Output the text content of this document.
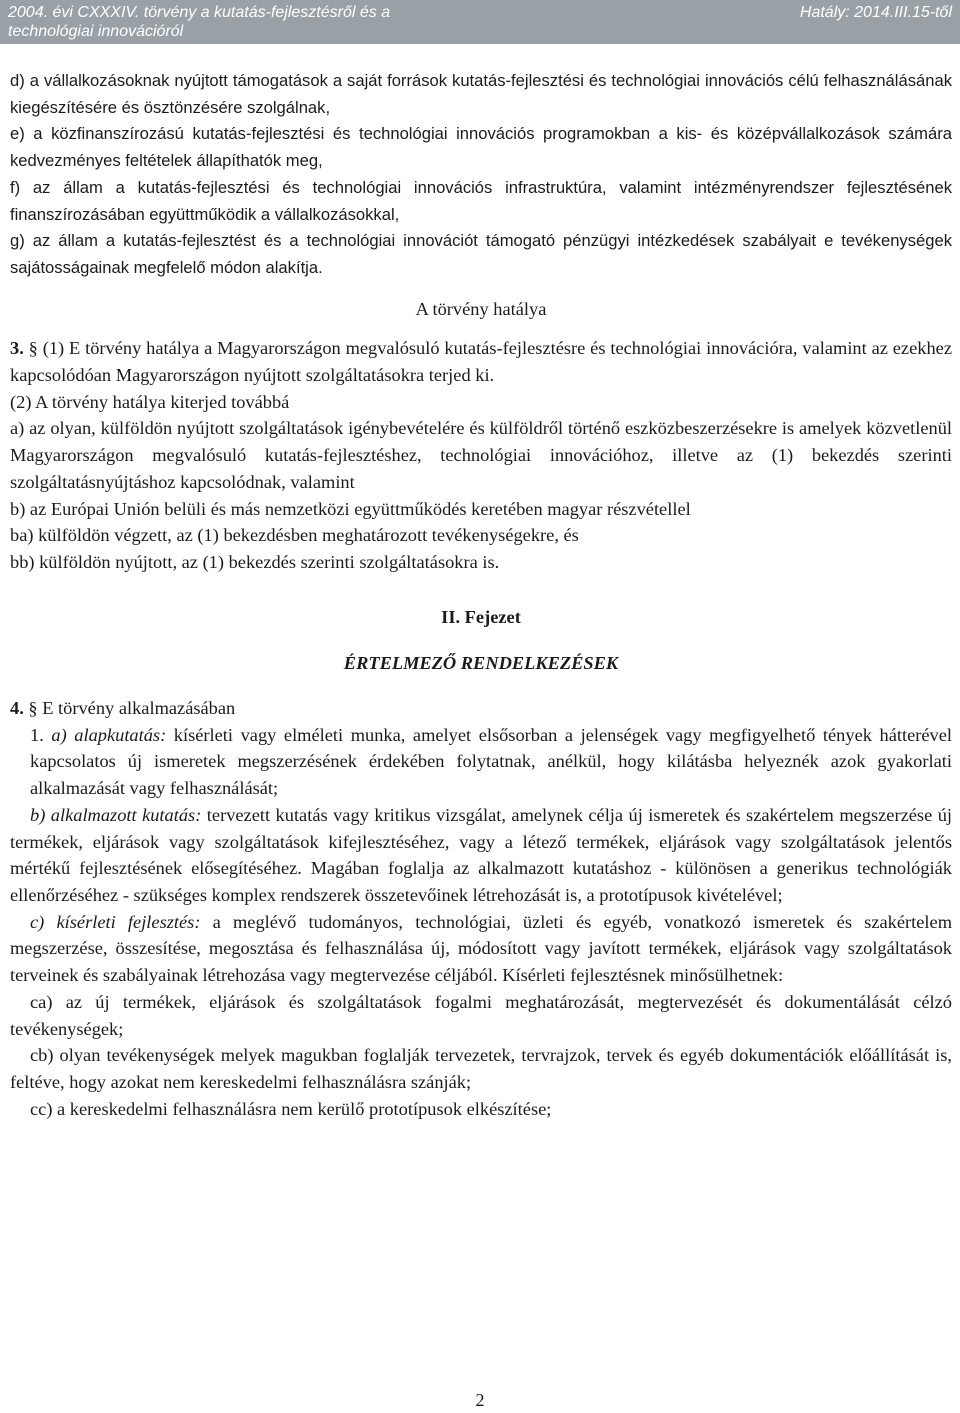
2004. évi CXXXIV. törvény a kutatás-fejlesztésről és a
technológiai innovációról
Hatály: 2014.III.15-től

d) a vállalkozásoknak nyújtott támogatások a saját források kutatás-fejlesztési és technológiai innovációs célú felhasználásának kiegészítésére és ösztönzésére szolgálnak,

e) a közfinanszírozású kutatás-fejlesztési és technológiai innovációs programokban a kis- és középvállalkozások számára kedvezményes feltételek állapíthatók meg,

f) az állam a kutatás-fejlesztési és technológiai innovációs infrastruktúra, valamint intézményrendszer fejlesztésének finanszírozásában együttműködik a vállalkozásokkal,

g) az állam a kutatás-fejlesztést és a technológiai innovációt támogató pénzügyi intézkedések szabályait e tevékenységek sajátosságainak megfelelő módon alakítja.

A törvény hatálya

3. § (1) E törvény hatálya a Magyarországon megvalósuló kutatás-fejlesztésre és technológiai innovációra, valamint az ezekhez kapcsolódóan Magyarországon nyújtott szolgáltatásokra terjed ki.

(2) A törvény hatálya kiterjed továbbá

a) az olyan, külföldön nyújtott szolgáltatások igénybevételére és külföldről történő eszközbeszerzésekre is amelyek közvetlenül Magyarországon megvalósuló kutatás-fejlesztéshez, technológiai innovációhoz, illetve az (1) bekezdés szerinti szolgáltatásnyújtáshoz kapcsolódnak, valamint

b) az Európai Unión belüli és más nemzetközi együttműködés keretében magyar részvétellel

ba) külföldön végzett, az (1) bekezdésben meghatározott tevékenységekre, és

bb) külföldön nyújtott, az (1) bekezdés szerinti szolgáltatásokra is.

II. Fejezet

ÉRTELMEZŐ RENDELKEZÉSEK

4. § E törvény alkalmazásában

1. a) alapkutatás: kísérleti vagy elméleti munka, amelyet elsősorban a jelenségek vagy megfigyelhető tények hátterével kapcsolatos új ismeretek megszerzésének érdekében folytatnak, anélkül, hogy kilátásba helyeznék azok gyakorlati alkalmazását vagy felhasználását;

b) alkalmazott kutatás: tervezett kutatás vagy kritikus vizsgálat, amelynek célja új ismeretek és szakértelem megszerzése új termékek, eljárások vagy szolgáltatások kifejlesztéséhez, vagy a létező termékek, eljárások vagy szolgáltatások jelentős mértékű fejlesztésének elősegítéséhez. Magában foglalja az alkalmazott kutatáshoz - különösen a generikus technológiák ellenőrzéséhez - szükséges komplex rendszerek összetevőinek létrehozását is, a prototípusok kivételével;

c) kísérleti fejlesztés: a meglévő tudományos, technológiai, üzleti és egyéb, vonatkozó ismeretek és szakértelem megszerzése, összesítése, megosztása és felhasználása új, módosított vagy javított termékek, eljárások vagy szolgáltatások terveinek és szabályainak létrehozása vagy megtervezése céljából. Kísérleti fejlesztésnek minősülhetnek:

ca) az új termékek, eljárások és szolgáltatások fogalmi meghatározását, megtervezését és dokumentálását célzó tevékenységek;

cb) olyan tevékenységek melyek magukban foglalják tervezetek, tervrajzok, tervek és egyéb dokumentációk előállítását is, feltéve, hogy azokat nem kereskedelmi felhasználásra szánják;

cc) a kereskedelmi felhasználásra nem kerülő prototípusok elkészítése;

2
